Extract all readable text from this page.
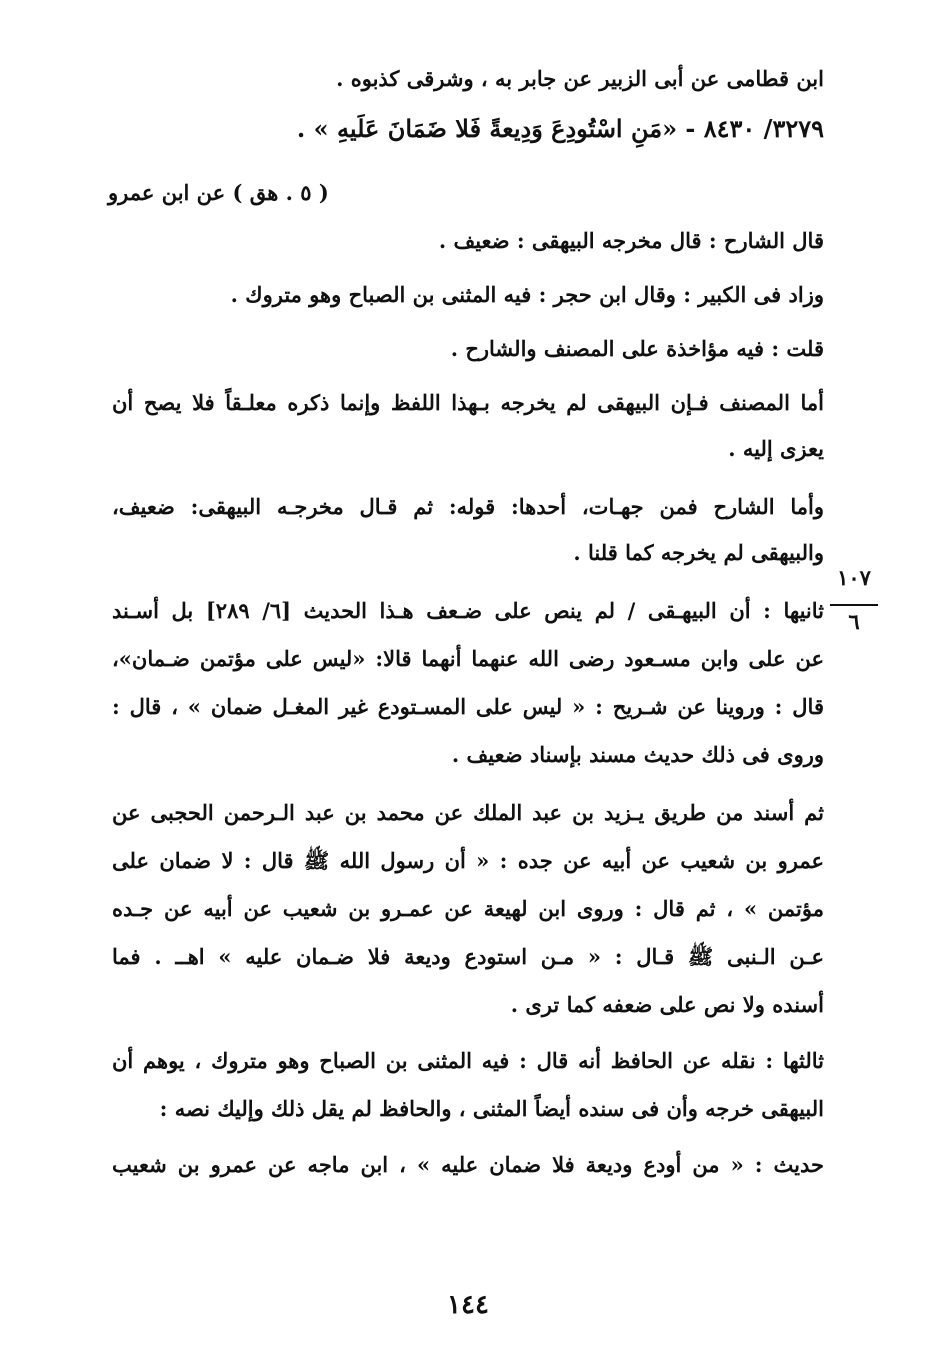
ابن قطامى عن أبى الزبير عن جابر به ، وشرقى كذبوه .
٣٢٧٩/ ٨٤٣٠ - «مَنِ اسْتُودِعَ وَدِيعةً فَلا ضَمَانَ عَلَيهِ » .
( ٥ . هق ) عن ابن عمرو
قال الشارح : قال مخرجه البيهقى : ضعيف .
وزاد فى الكبير : وقال ابن حجر : فيه المثنى بن الصباح وهو متروك .
قلت : فيه مؤاخذة على المصنف والشارح .
أما المصنف فـإن البيهقى لم يخرجه بـهذا اللفظ وإنما ذكره معلـقاً فلا يصح أن
يعزى إليه .
وأما الشارح فمن جهـات، أحدها: قوله: ثم قـال مخرجـه البيهقى: ضعيف،
والبيهقى لم يخرجه كما قلنا .
١٠٧
٦
ثانيها : أن البيهـقى / لم ينص على ضـعف هـذا الحديث [٦/ ٢٨٩] بل أسـند
عن على وابن مسـعود رضى الله عنهما أنهما قالا: «ليس على مؤتمن ضـمان»،
قال : وروينا عن شـريح : « ليس على المسـتودع غير المغـل ضمان » ، قال :
وروى فى ذلك حديث مسند بإسناد ضعيف .
ثم أسند من طريق يـزيد بن عبد الملك عن محمد بن عبد الـرحمن الحجبى عن
عمرو بن شعيب عن أبيه عن جده : « أن رسول الله ﷺ قال : لا ضمان على
مؤتمن » ، ثم قال : وروى ابن لهيعة عن عمـرو بن شعيب عن أبيه عن جـده
عـن الـنبى ﷺ قـال : « مـن استودع وديعة فلا ضـمان عليه » اهــ . فما
أسنده ولا نص على ضعفه كما ترى .
ثالثها : نقله عن الحافظ أنه قال : فيه المثنى بن الصباح وهو متروك ، يوهم أن
البيهقى خرجه وأن فى سنده أيضاً المثنى ، والحافظ لم يقل ذلك وإليك نصه :
حديث : « من أودع وديعة فلا ضمان عليه » ، ابن ماجه عن عمرو بن شعيب
١٤٤
